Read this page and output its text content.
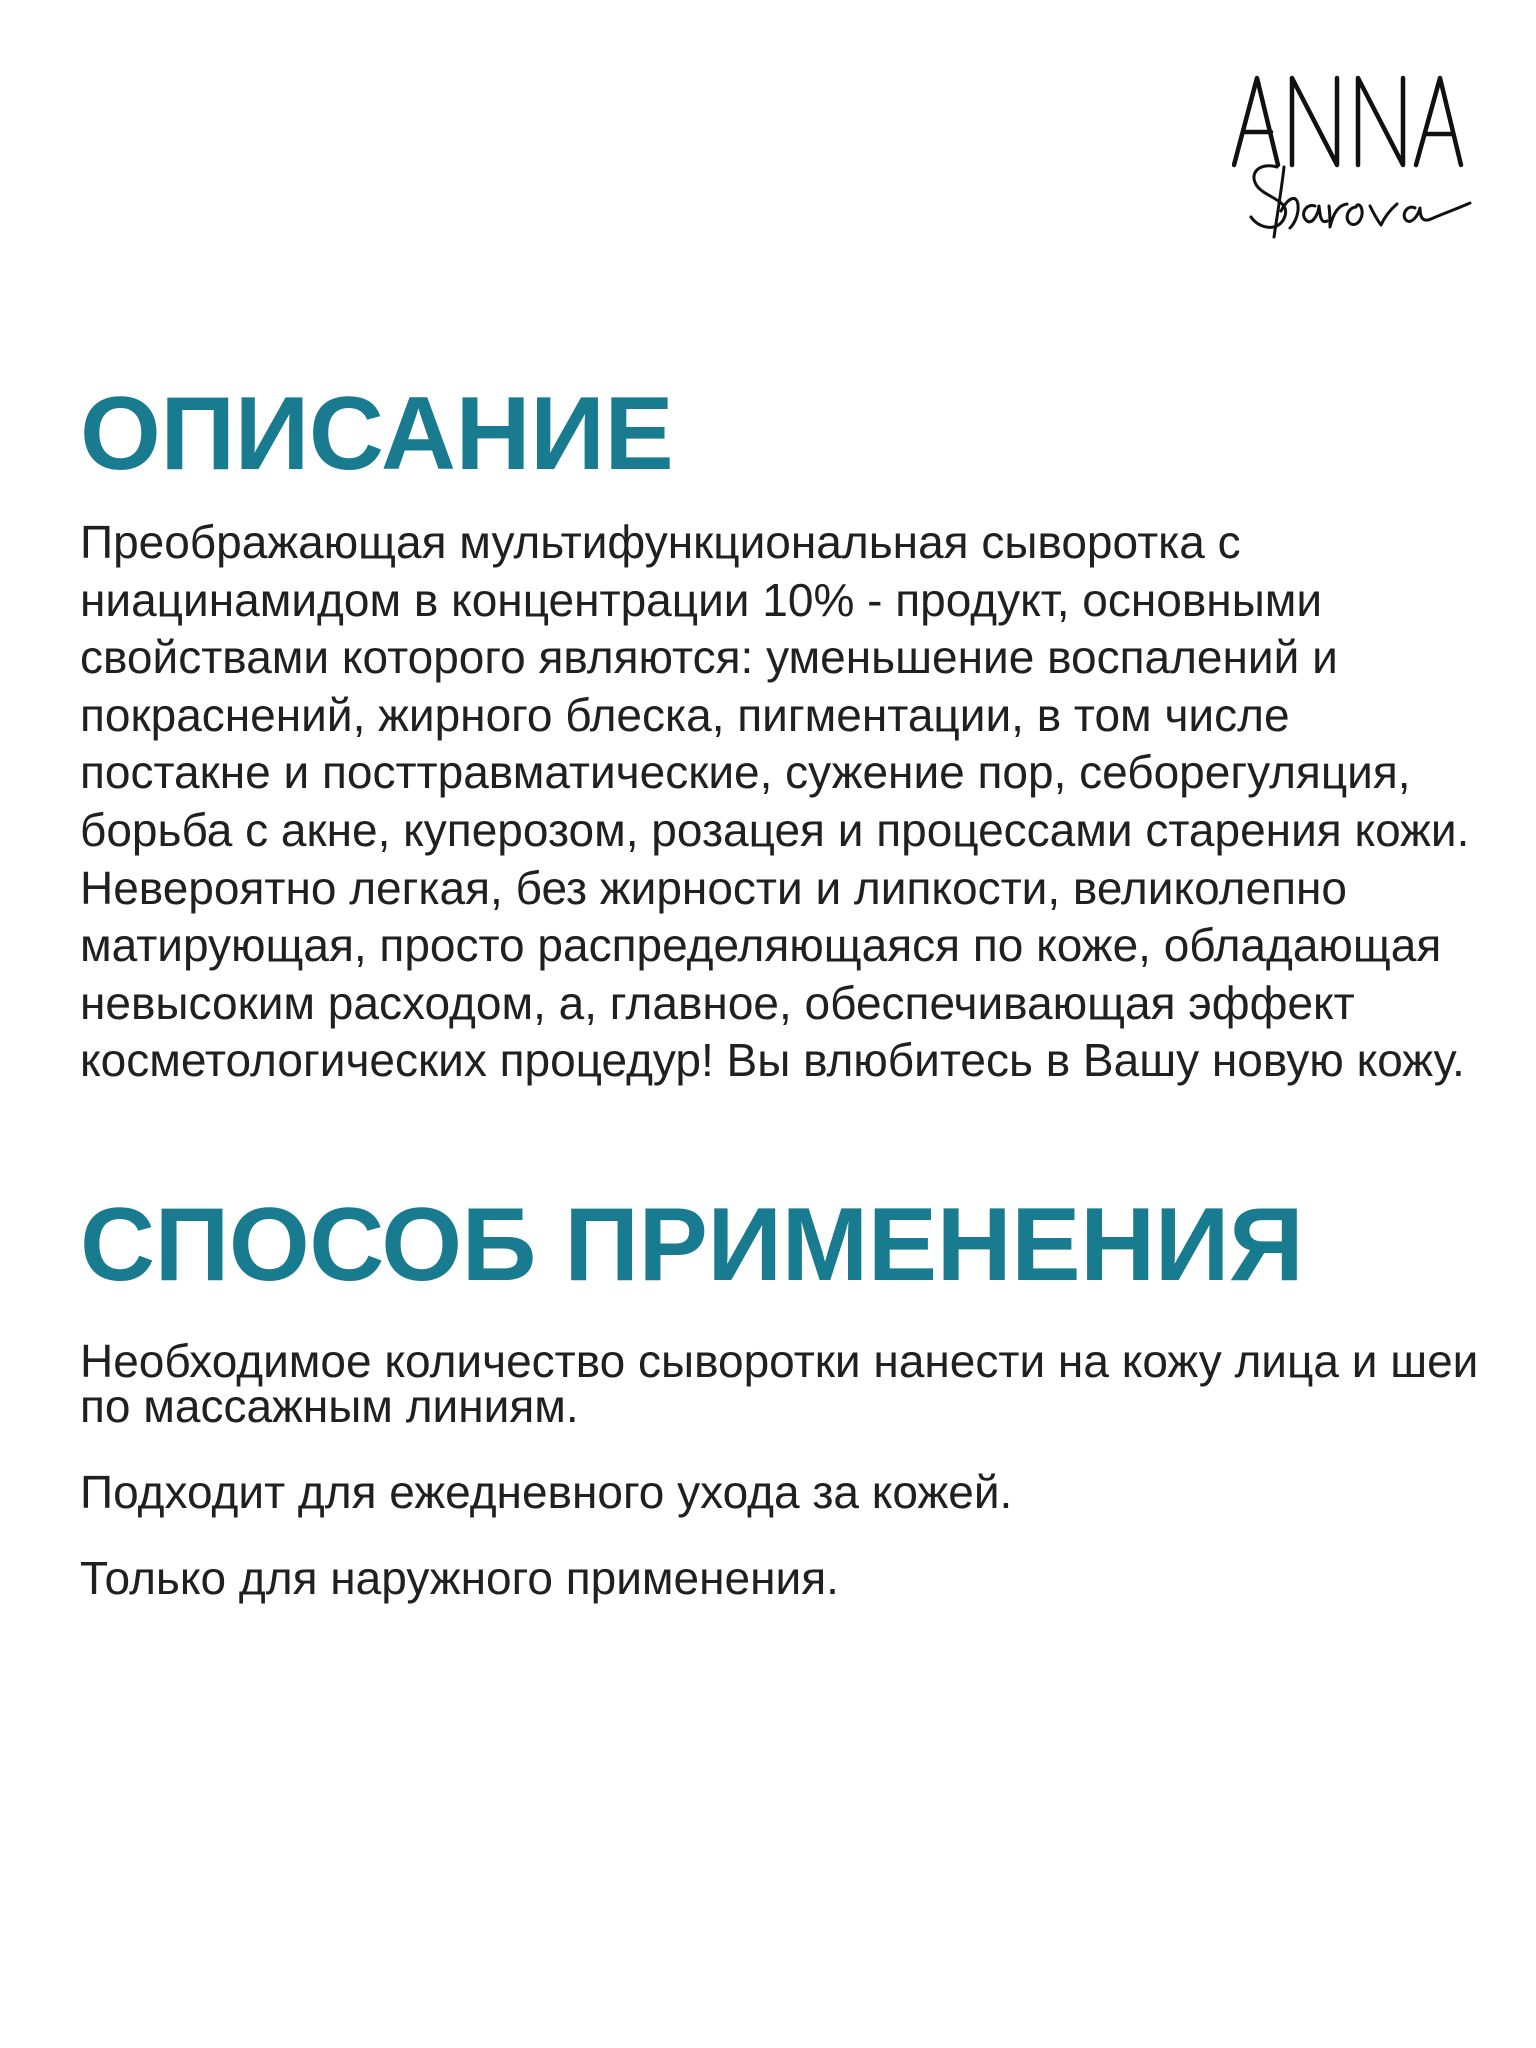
ОПИСАНИЕ

Преображающая мультифункциональная сыворотка с ниацинамидом в концентрации 10% - продукт, основными свойствами которого являются: уменьшение воспалений и покраснений, жирного блеска, пигментации, в том числе постакне и посттравматические, сужение пор, себорегуляция, борьба с акне, куперозом, розацея и процессами старения кожи. Невероятно легкая, без жирности и липкости, великолепно матирующая, просто распределяющаяся по коже, обладающая невысоким расходом, а, главное, обеспечивающая эффект косметологических процедур! Вы влюбитесь в Вашу новую кожу.

СПОСОБ ПРИМЕНЕНИЯ

Необходимое количество сыворотки нанести на кожу лица и шеи по массажным линиям.

Подходит для ежедневного ухода за кожей.

Только для наружного применения.
